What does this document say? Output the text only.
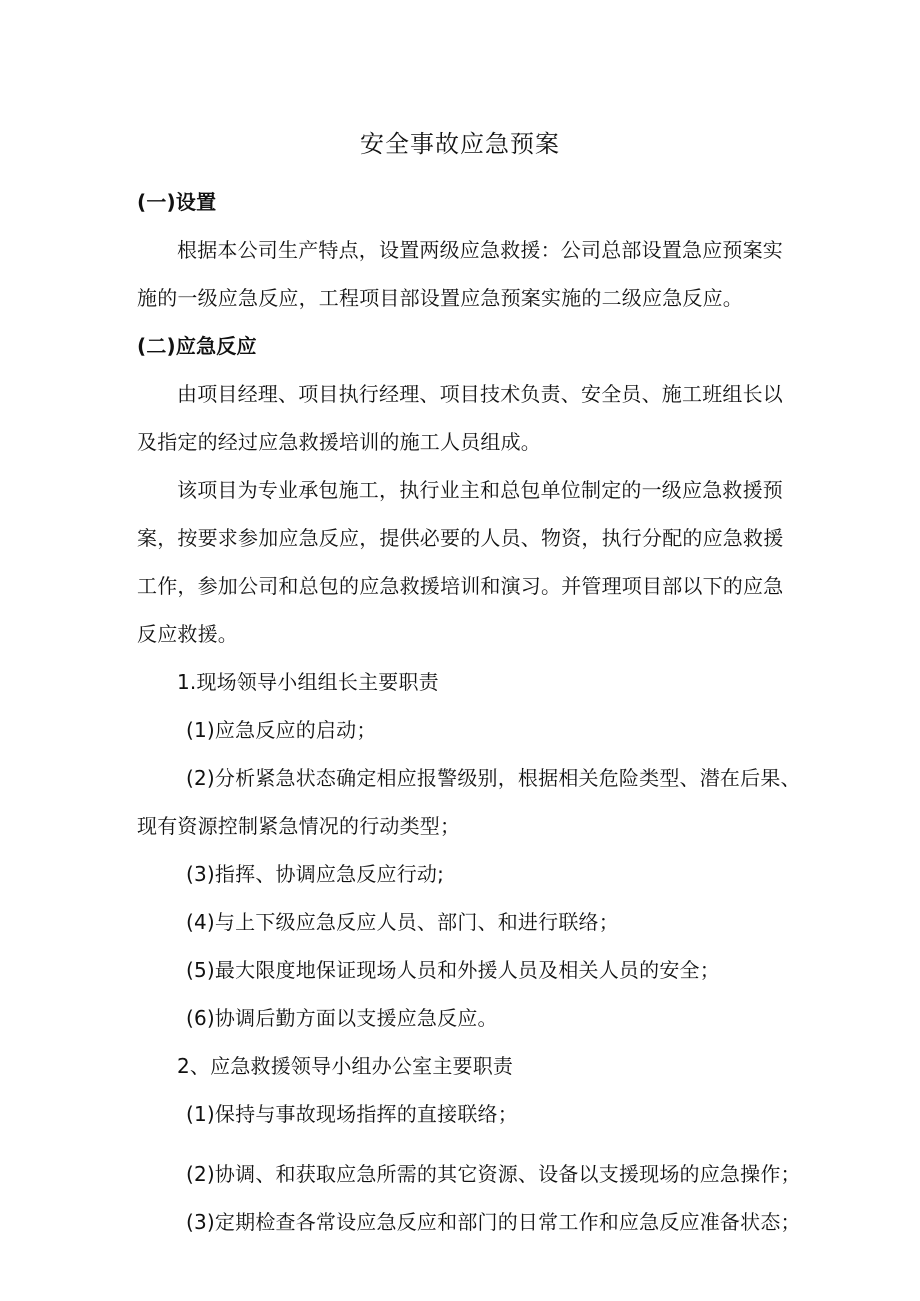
安全事故应急预案
(一)设置
根据本公司生产特点，设置两级应急救援：公司总部设置急应预案实
施的一级应急反应，工程项目部设置应急预案实施的二级应急反应。
(二)应急反应
由项目经理、项目执行经理、项目技术负责、安全员、施工班组长以
及指定的经过应急救援培训的施工人员组成。
该项目为专业承包施工，执行业主和总包单位制定的一级应急救援预
案，按要求参加应急反应，提供必要的人员、物资，执行分配的应急救援
工作，参加公司和总包的应急救援培训和演习。并管理项目部以下的应急
反应救援。
1.现场领导小组组长主要职责
(1)应急反应的启动；
(2)分析紧急状态确定相应报警级别，根据相关危险类型、潜在后果、
现有资源控制紧急情况的行动类型；
(3)指挥、协调应急反应行动;
(4)与上下级应急反应人员、部门、和进行联络；
(5)最大限度地保证现场人员和外援人员及相关人员的安全；
(6)协调后勤方面以支援应急反应。
2、应急救援领导小组办公室主要职责
(1)保持与事故现场指挥的直接联络；
(2)协调、和获取应急所需的其它资源、设备以支援现场的应急操作；
(3)定期检查各常设应急反应和部门的日常工作和应急反应准备状态；
